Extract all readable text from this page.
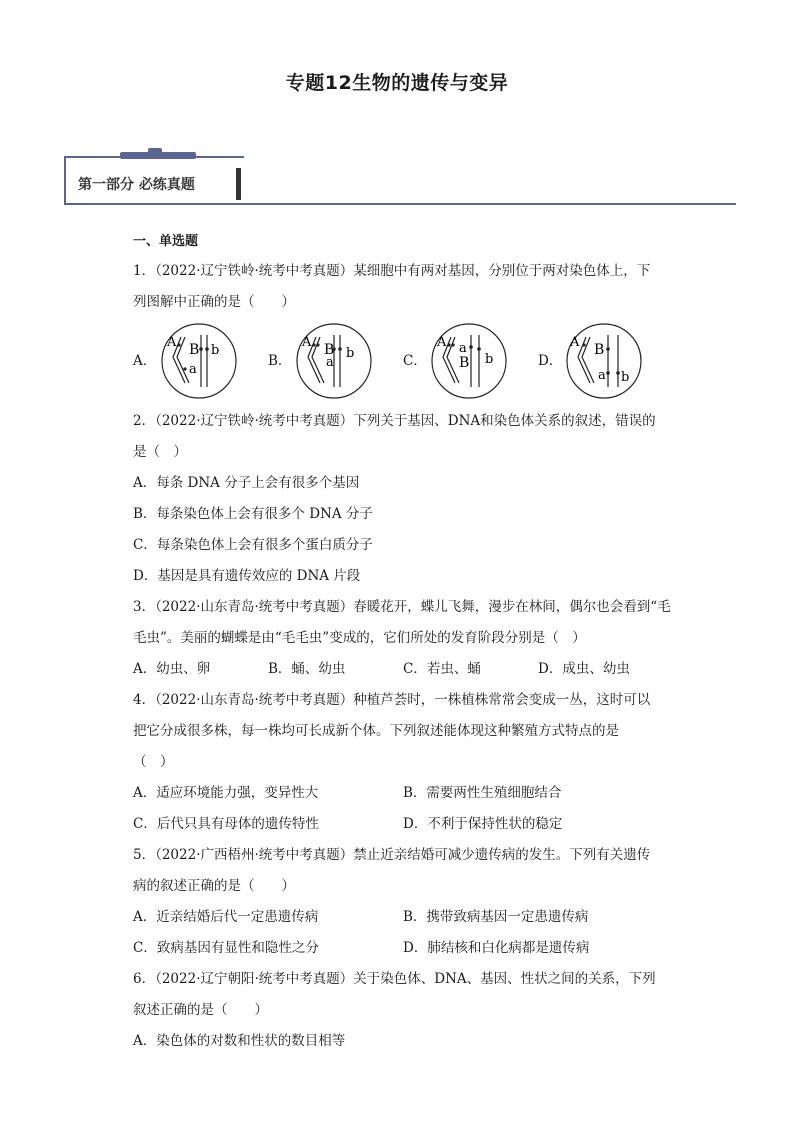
专题12生物的遗传与变异
第一部分 必练真题
一、单选题
1．（2022·辽宁铁岭·统考中考真题）某细胞中有两对基因，分别位于两对染色体上，下
列图解中正确的是（　　）
A．
A B b
a
B．
A B b
a	C．
A a
b
B	D．
A B
a b
2．（2022·辽宁铁岭·统考中考真题）下列关于基因、DNA和染色体关系的叙述，错误的
是（　）
A．每条 DNA 分子上会有很多个基因
B．每条染色体上会有很多个 DNA 分子
C．每条染色体上会有很多个蛋白质分子
D．基因是具有遗传效应的 DNA 片段
3．（2022·山东青岛·统考中考真题）春暖花开，蝶儿飞舞，漫步在林间，偶尔也会看到“毛
毛虫”。美丽的蝴蝶是由“毛毛虫”变成的，它们所处的发育阶段分别是（　）
A．幼虫、卵	B．蛹、幼虫	C．若虫、蛹	D．成虫、幼虫
4．（2022·山东青岛·统考中考真题）种植芦荟时，一株植株常常会变成一丛，这时可以
把它分成很多株，每一株均可长成新个体。下列叙述能体现这种繁殖方式特点的是
（　）
A．适应环境能力强，变异性大	B．需要两性生殖细胞结合
C．后代只具有母体的遗传特性	D．不利于保持性状的稳定
5．（2022·广西梧州·统考中考真题）禁止近亲结婚可减少遗传病的发生。下列有关遗传
病的叙述正确的是（　　）
A．近亲结婚后代一定患遗传病	B．携带致病基因一定患遗传病
C．致病基因有显性和隐性之分	D．肺结核和白化病都是遗传病
6．（2022·辽宁朝阳·统考中考真题）关于染色体、DNA、基因、性状之间的关系，下列
叙述正确的是（　　）
A．染色体的对数和性状的数目相等
